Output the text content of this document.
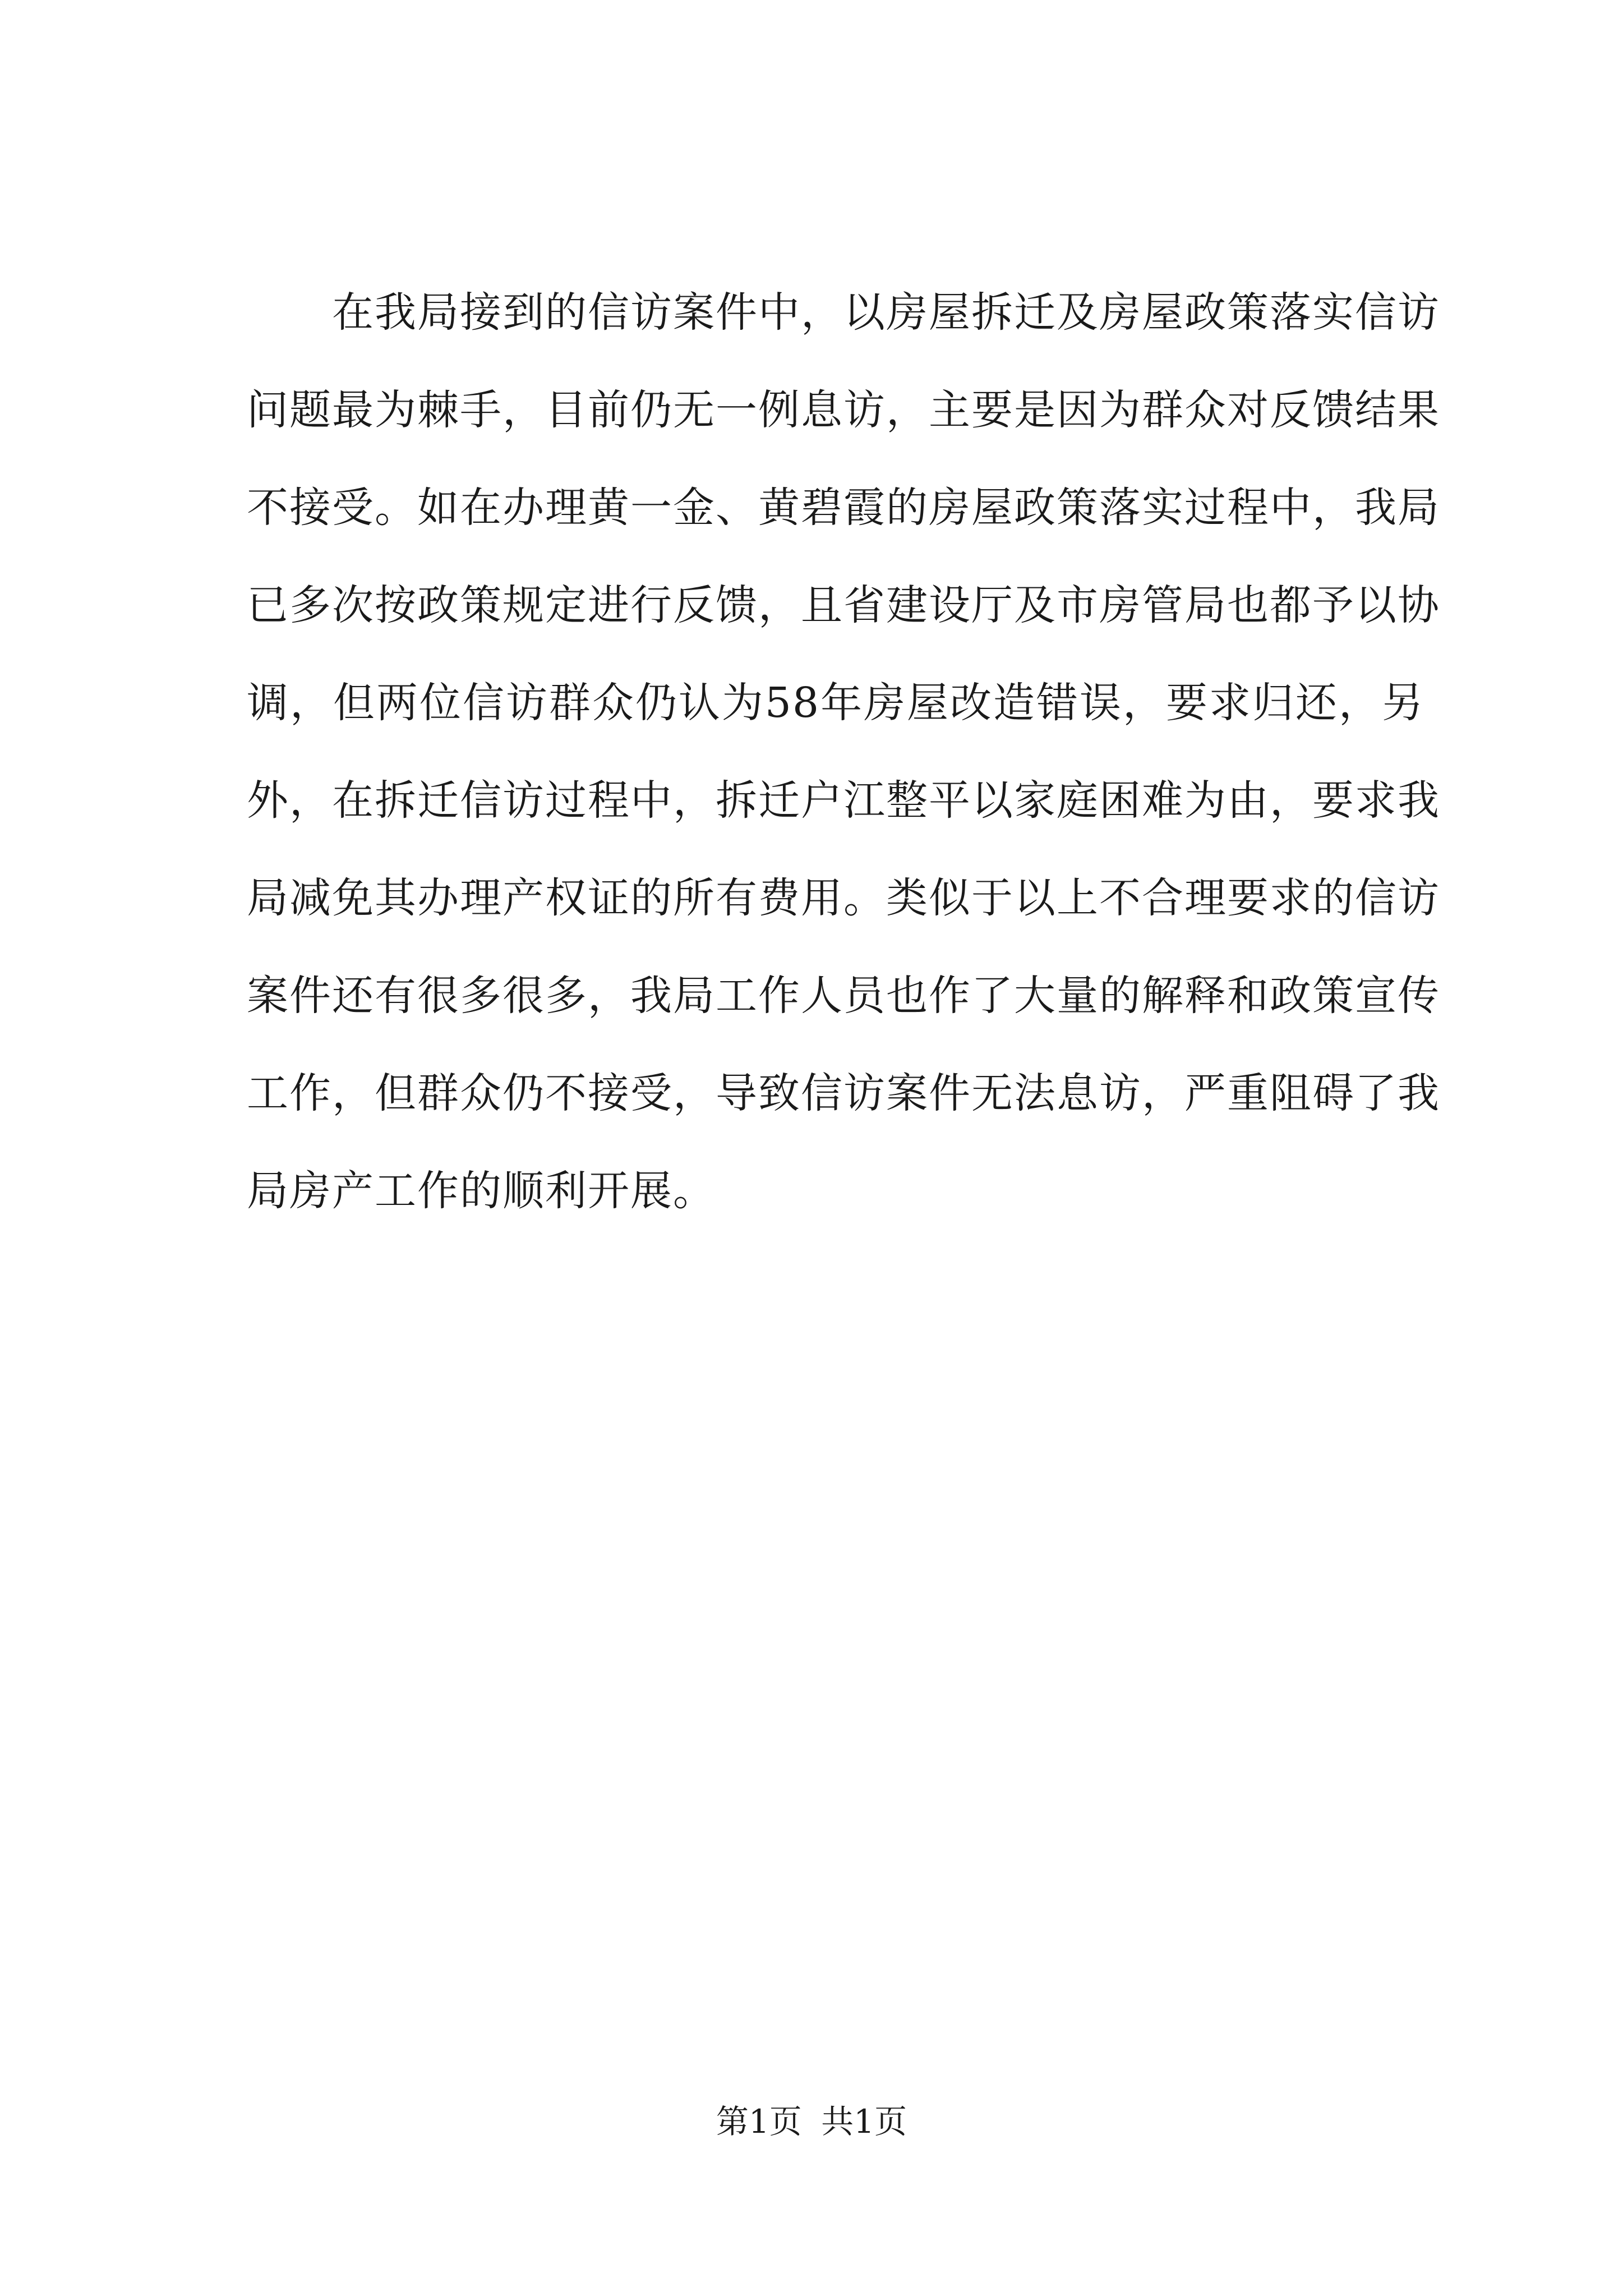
　　在我局接到的信访案件中，以房屋拆迁及房屋政策落实信访
问题最为棘手，目前仍无一例息访，主要是因为群众对反馈结果
不接受。如在办理黄一金、黄碧霞的房屋政策落实过程中，我局
已多次按政策规定进行反馈，且省建设厅及市房管局也都予以协
调，但两位信访群众仍认为58年房屋改造错误，要求归还，另
外，在拆迁信访过程中，拆迁户江整平以家庭困难为由，要求我
局减免其办理产权证的所有费用。类似于以上不合理要求的信访
案件还有很多很多，我局工作人员也作了大量的解释和政策宣传
工作，但群众仍不接受，导致信访案件无法息访，严重阻碍了我
局房产工作的顺利开展。
第1页 共1页
